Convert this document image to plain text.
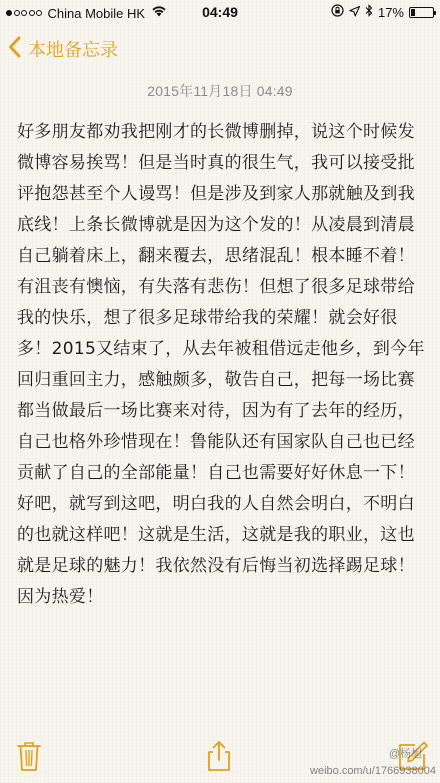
China Mobile HK	04:49	17%
本地备忘录
2015年11月18日 04:49
好多朋友都劝我把刚才的长微博删掉，说这个时候发微博容易挨骂！但是当时真的很生气，我可以接受批评抱怨甚至个人谩骂！但是涉及到家人那就触及到我底线！上条长微博就是因为这个发的！从凌晨到清晨自己躺着床上，翻来覆去，思绪混乱！根本睡不着！有沮丧有懊恼，有失落有悲伤！但想了很多足球带给我的快乐，想了很多足球带给我的荣耀！就会好很多！2015又结束了，从去年被租借远走他乡，到今年回归重回主力，感触颇多，敬告自己，把每一场比赛都当做最后一场比赛来对待，因为有了去年的经历，自己也格外珍惜现在！鲁能队还有国家队自己也已经贡献了自己的全部能量！自己也需要好好休息一下！好吧，就写到这吧，明白我的人自然会明白，不明白的也就这样吧！这就是生活，这就是我的职业，这也就是足球的魅力！我依然没有后悔当初选择踢足球！因为热爱！
@杨旭
weibo.com/u/1766938004
